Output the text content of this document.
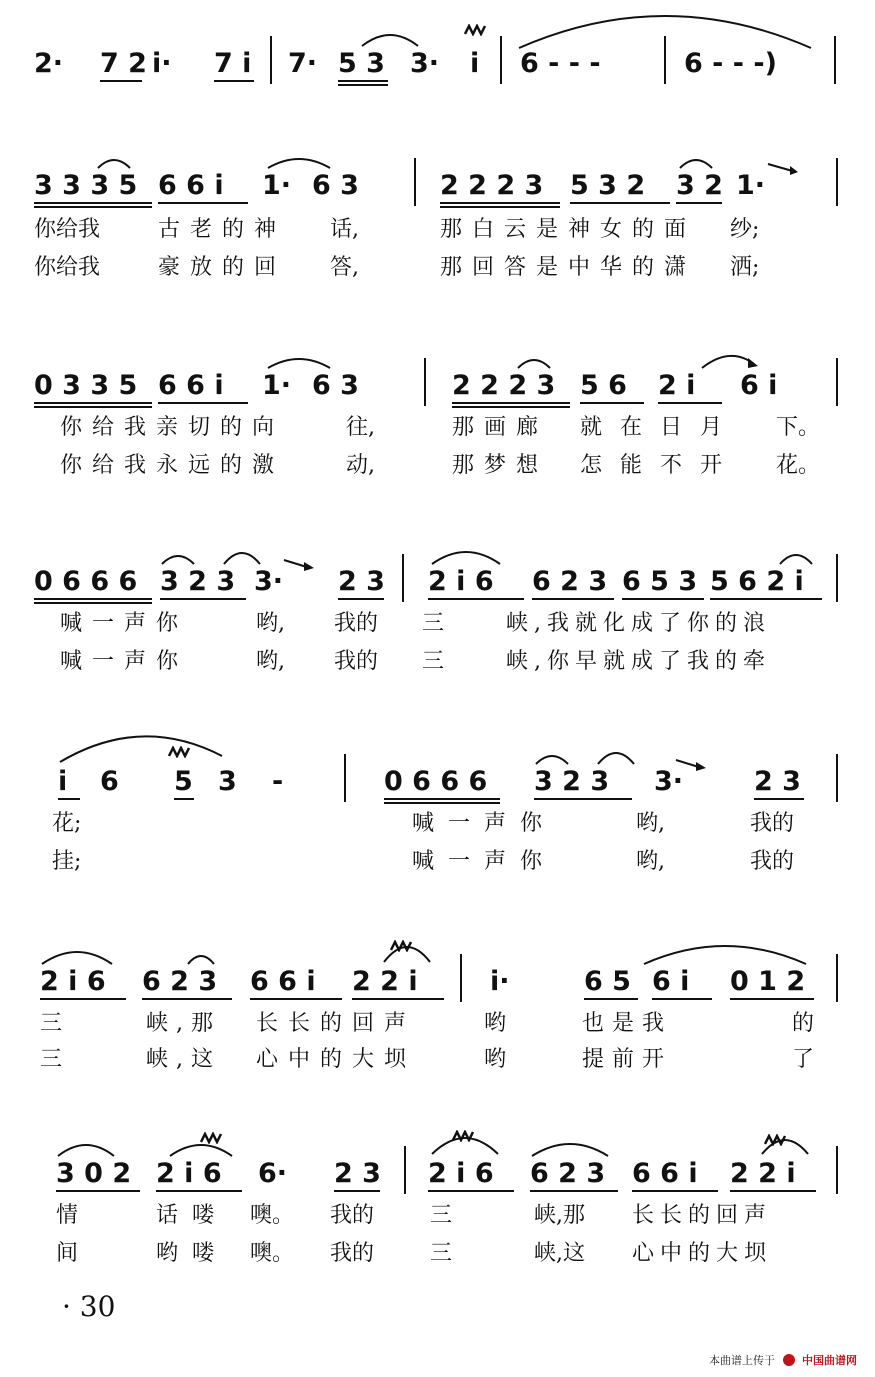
2· 7 2 i· 7 i 7· 5 3 3· i 6 - - -	6 - - -)
3 3 3 5 6 6 i 1· 6 3	2 2 2 3 5 3 2 3 2 1·
你给我	古老的神 话,	那白云是神女的面 纱;
你给我	豪放的回 答,	那回答是中华的潇 洒;
0 3 3 5 6 6 i 1· 6 3	2 2 2 3 5 6 2 i 6 i
你给我亲切的向	往,	那画廊 就在日月 下。
你给我永远的激	动,	那梦想 怎能不开 花。
0 6 6 6 3 2 3 3· 2 3 2 i 6 6 2 3 6 5 3 5 6 2 i
喊一声你	哟, 我的 三	峡,我就化成了你的浪
喊一声你	哟, 我的 三	峡,你早就成了我的牵
i 6 5 3 -	0 6 6 6 3 2 3 3·	2 3
花;	喊一声你	哟,	我的
挂;	喊一声你	哟,	我的
2 i 6 6 2 3 6 6 i 2 2 i	i·	6 5 6 i 0 1 2
三	峡,那 长长的回声	哟	也是我	的
三	峡,这 心中的大坝	哟	提前开	了
3 0 2 2 i 6 6· 2 3 2 i 6 6 2 3 6 6 i 2 2 i
情	话喽 噢。 我的	三	峡,那 长长的回声
间	哟喽 噢。 我的	三	峡,这 心中的大坝
· 30
本曲谱上传于 中国曲谱网
